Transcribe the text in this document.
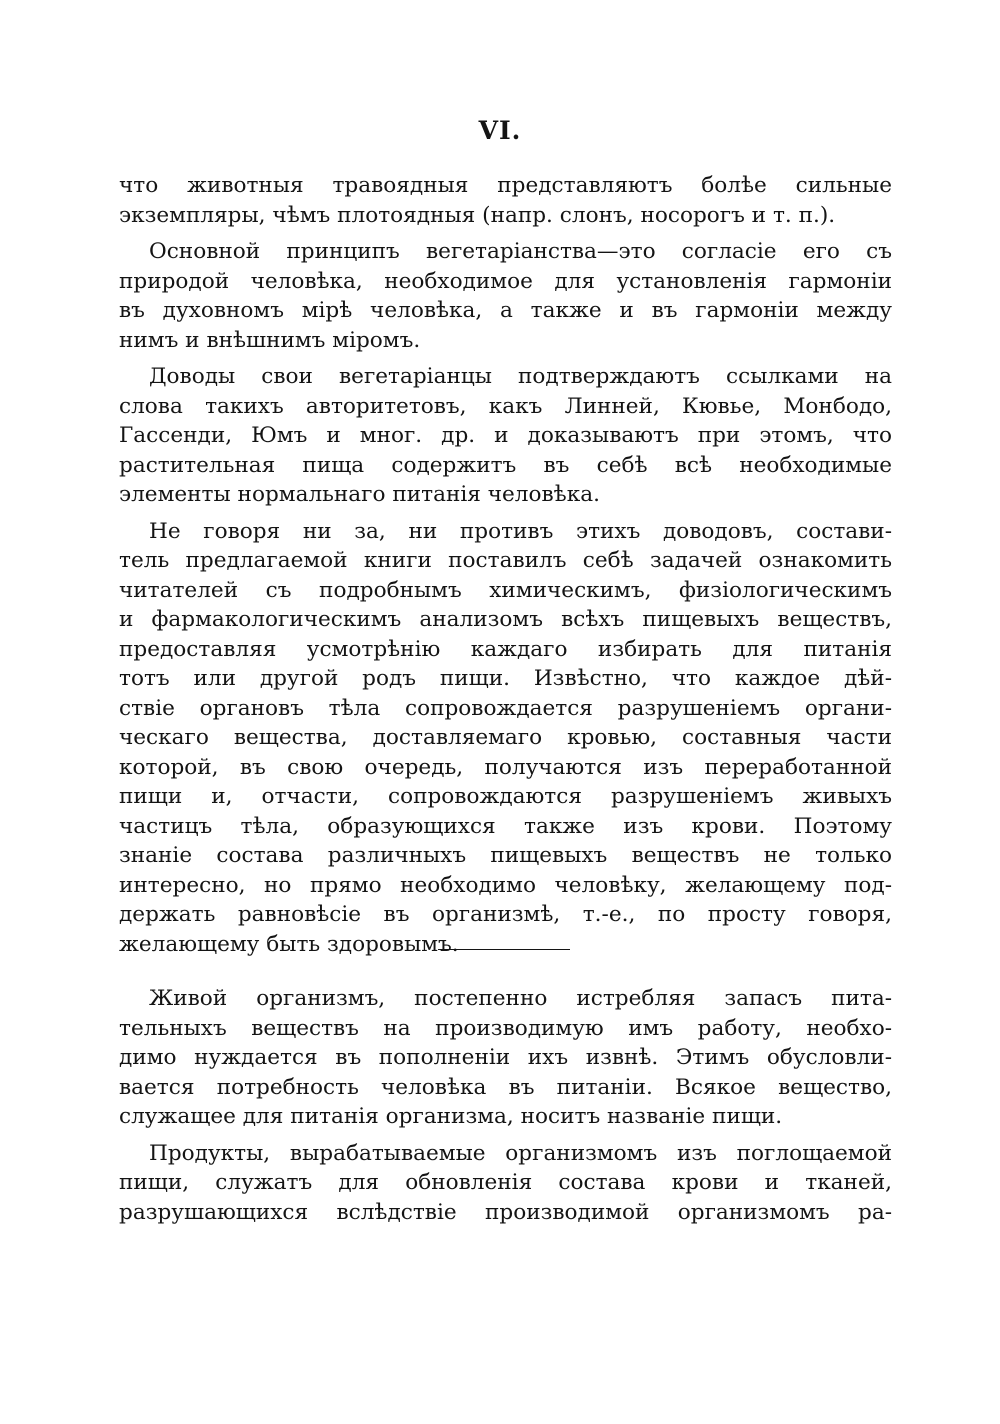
VI.
что животныя травоядныя представляютъ болѣе сильные
экземпляры, чѣмъ плотоядныя (напр. слонъ, носорогъ и т. п.).
Основной принципъ вегетаріанства—это согласіе его съ
природой человѣка, необходимое для установленія гармоніи
въ духовномъ мірѣ человѣка, а также и въ гармоніи между
нимъ и внѣшнимъ міромъ.
Доводы свои вегетаріанцы подтверждаютъ ссылками на
слова такихъ авторитетовъ, какъ Линней, Кювье, Монбодо,
Гассенди, Юмъ и мног. др. и доказываютъ при этомъ, что
растительная пища содержитъ въ себѣ всѣ необходимые
элементы нормальнаго питанія человѣка.
Не говоря ни за, ни противъ этихъ доводовъ, состави-
тель предлагаемой книги поставилъ себѣ задачей ознакомить
читателей съ подробнымъ химическимъ, физіологическимъ
и фармакологическимъ анализомъ всѣхъ пищевыхъ веществъ,
предоставляя усмотрѣнію каждаго избирать для питанія
тотъ или другой родъ пищи. Извѣстно, что каждое дѣй-
ствіе органовъ тѣла сопровождается разрушеніемъ органи-
ческаго вещества, доставляемаго кровью, составныя части
которой, въ свою очередь, получаются изъ переработанной
пищи и, отчасти, сопровождаются разрушеніемъ живыхъ
частицъ тѣла, образующихся также изъ крови. Поэтому
знаніе состава различныхъ пищевыхъ веществъ не только
интересно, но прямо необходимо человѣку, желающему под-
держать равновѣсіе въ организмѣ, т.-е., по просту говоря,
желающему быть здоровымъ.
Живой организмъ, постепенно истребляя запасъ пита-
тельныхъ веществъ на производимую имъ работу, необхо-
димо нуждается въ пополненіи ихъ извнѣ. Этимъ обусловли-
вается потребность человѣка въ питаніи. Всякое вещество,
служащее для питанія организма, носитъ названіе пищи.
Продукты, вырабатываемые организмомъ изъ поглощаемой
пищи, служатъ для обновленія состава крови и тканей,
разрушающихся вслѣдствіе производимой организмомъ ра-
